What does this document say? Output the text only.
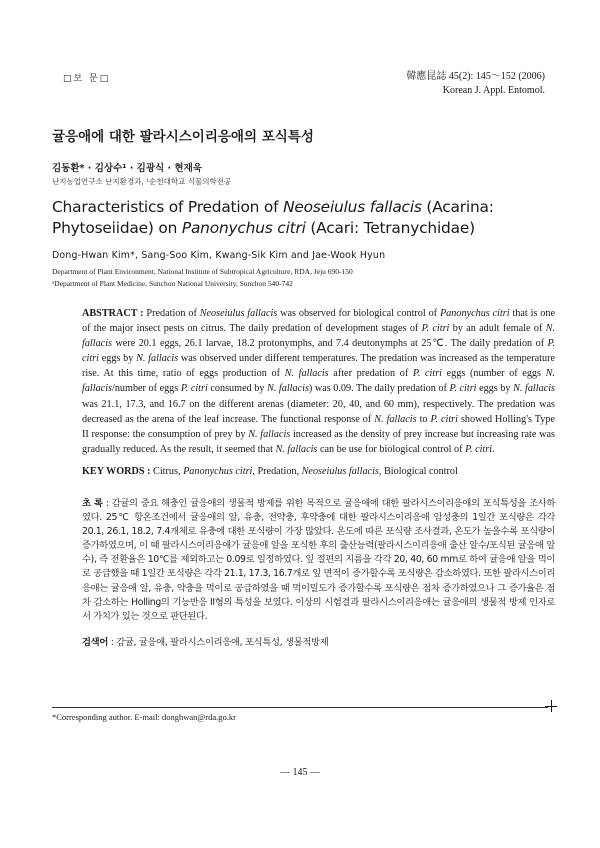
□보 문□	韓應昆誌 45(2): 145～152 (2006)
Korean J. Appl. Entomol.
귤응애에 대한 팔라시스이리응애의 포식특성
김동환* · 김상수¹ · 김광식 · 현재욱
난지농업연구소 난지환경과, ¹순천대학교 식물의학전공
Characteristics of Predation of Neoseiulus fallacis (Acarina: Phytoseiidae) on Panonychus citri (Acari: Tetranychidae)
Dong-Hwan Kim*, Sang-Soo Kim, Kwang-Sik Kim and Jae-Wook Hyun
Department of Plant Environment, National Institute of Subtropical Agriculture, RDA, Jeju 690-150
¹Department of Plant Medicine, Sunchon National University, Sunchon 540-742
ABSTRACT : Predation of Neoseiulus fallacis was observed for biological control of Panonychus citri that is one of the major insect pests on citrus. The daily predation of development stages of P. citri by an adult female of N. fallacis were 20.1 eggs, 26.1 larvae, 18.2 protonymphs, and 7.4 deutonymphs at 25℃. The daily predation of P. citri eggs by N. fallacis was observed under different temperatures. The predation was increased as the temperature rise. At this time, ratio of eggs production of N. fallacis after predation of P. citri eggs (number of eggs N. fallacis/number of eggs P. citri consumed by N. fallacis) was 0.09. The daily predation of P. citri eggs by N. fallacis was 21.1, 17.3, and 16.7 on the different arenas (diameter: 20, 40, and 60 mm), respectively. The predation was decreased as the arena of the leaf increase. The functional response of N. fallacis to P. citri showed Holling's Type II response: the consumption of prey by N. fallacis increased as the density of prey increase but increasing rate was gradually reduced. As the result, it seemed that N. fallacis can be use for biological control of P. citri.
KEY WORDS : Citrus, Panonychus citri, Predation, Neoseiulus fallacis, Biological control
초 록 : 감귤의 중요 해충인 귤응애의 생물적 방제를 위한 목적으로 귤응애에 대한 팔라시스이리응애의 포식특성을 조사하였다. 25℃ 항온조건에서 귤응애의 알, 유충, 전약충, 후약충에 대한 팔라시스이리응애 암성충의 1일간 포식량은 각각 20.1, 26.1, 18.2, 7.4개체로 유충에 대한 포식량이 가장 많았다. 온도에 따른 포식량 조사결과, 온도가 높을수록 포식량이 증가하였으며, 이 때 팔라시스이리응애가 귤응애 알을 포식한 후의 출산능력(팔라시스이리응애 출산 알수/포식된 귤응애 알수), 즉 전환율은 10℃를 제외하고는 0.09로 일정하였다. 잎 절편의 지름을 각각 20, 40, 60 mm로 하여 귤응애 알을 먹이로 공급했을 때 1일간 포식량은 각각 21.1, 17.3, 16.7개로 잎 면적이 증가할수록 포식량은 감소하였다. 또한 팔라시스이리응애는 귤응애 알, 유충, 약충을 먹이로 공급하였을 때 먹이밀도가 증가할수록 포식량은 점차 증가하였으나 그 증가율은 점차 감소하는 Holling의 기능반응 II형의 특성을 보였다. 이상의 시험결과 팔라시스이리응애는 귤응애의 생물적 방제 인자로서 가치가 있는 것으로 판단된다.
검색어 : 감귤, 귤응애, 팔라시스이리응애, 포식특성, 생물적방제
*Corresponding author. E-mail: donghwan@rda.go.kr
— 145 —
